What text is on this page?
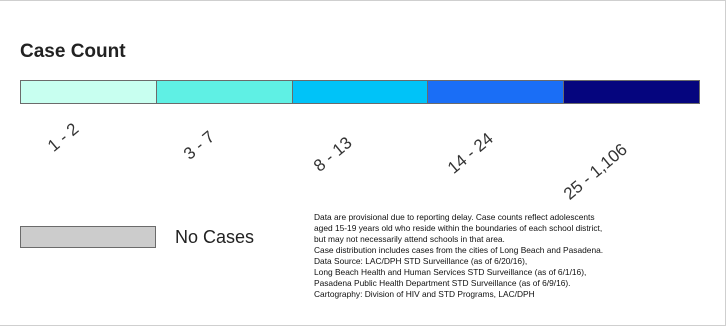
Case Count
1 - 2	3 - 7	8 - 13	14 - 24	25 - 1,106
No Cases

Data are provisional due to reporting delay. Case counts reflect adolescents

aged 15-19 years old who reside within the boundaries of each school district,

but may not necessarily attend schools in that area.

Case distribution includes cases from the cities of Long Beach and Pasadena.

Data Source: LAC/DPH STD Surveillance (as of 6/20/16),

Long Beach Health and Human Services STD Surveillance (as of 6/1/16),

Pasadena Public Health Department STD Surveillance (as of 6/9/16).

Cartography: Division of HIV and STD Programs, LAC/DPH
